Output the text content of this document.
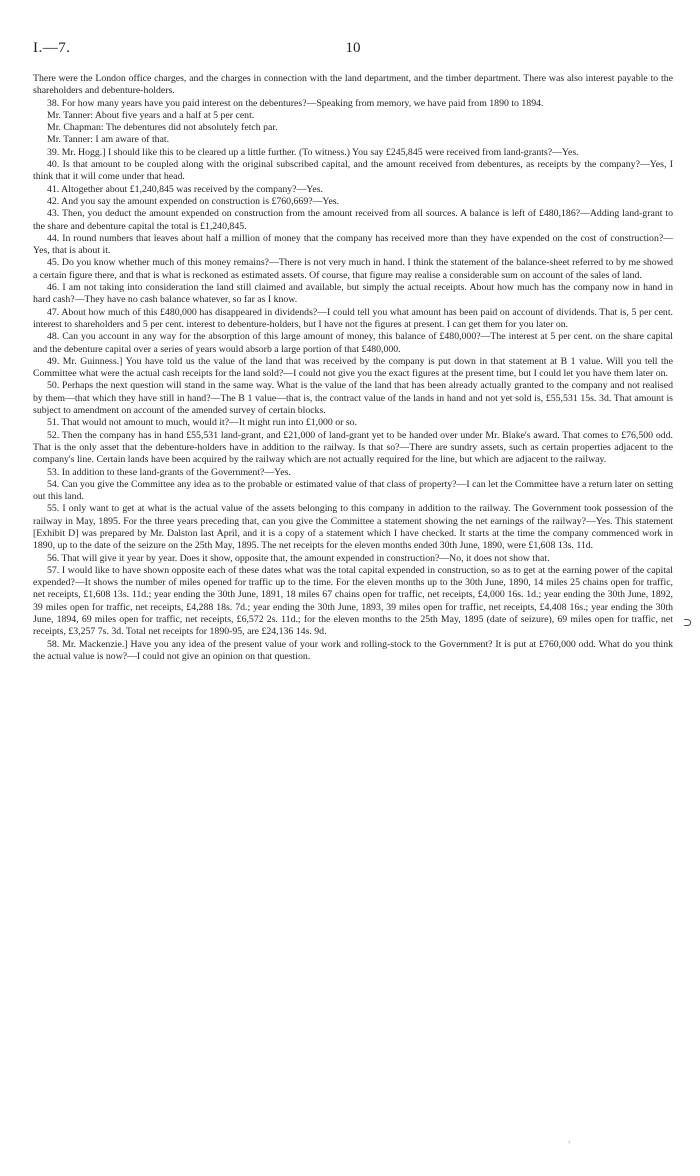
I.—7.	10

There were the London office charges, and the charges in connection with the land department, and the timber department. There was also interest payable to the shareholders and debenture-holders.

38. For how many years have you paid interest on the debentures?—Speaking from memory, we have paid from 1890 to 1894.

Mr. Tanner: About five years and a half at 5 per cent.

Mr. Chapman: The debentures did not absolutely fetch par.

Mr. Tanner: I am aware of that.

39. Mr. Hogg.] I should like this to be cleared up a little further. (To witness.) You say £245,845 were received from land-grants?—Yes.

40. Is that amount to be coupled along with the original subscribed capital, and the amount received from debentures, as receipts by the company?—Yes, I think that it will come under that head.

41. Altogether about £1,240,845 was received by the company?—Yes.

42. And you say the amount expended on construction is £760,669?—Yes.

43. Then, you deduct the amount expended on construction from the amount received from all sources. A balance is left of £480,186?—Adding land-grant to the share and debenture capital the total is £1,240,845.

44. In round numbers that leaves about half a million of money that the company has received more than they have expended on the cost of construction?—Yes, that is about it.

45. Do you know whether much of this money remains?—There is not very much in hand. I think the statement of the balance-sheet referred to by me showed a certain figure there, and that is what is reckoned as estimated assets. Of course, that figure may realise a considerable sum on account of the sales of land.

46. I am not taking into consideration the land still claimed and available, but simply the actual receipts. About how much has the company now in hand in hard cash?—They have no cash balance whatever, so far as I know.

47. About how much of this £480,000 has disappeared in dividends?—I could tell you what amount has been paid on account of dividends. That is, 5 per cent. interest to shareholders and 5 per cent. interest to debenture-holders, but I have not the figures at present. I can get them for you later on.

48. Can you account in any way for the absorption of this large amount of money, this balance of £480,000?—The interest at 5 per cent. on the share capital and the debenture capital over a series of years would absorb a large portion of that £480,000.

49. Mr. Guinness.] You have told us the value of the land that was received by the company is put down in that statement at B 1 value. Will you tell the Committee what were the actual cash receipts for the land sold?—I could not give you the exact figures at the present time, but I could let you have them later on.

50. Perhaps the next question will stand in the same way. What is the value of the land that has been already actually granted to the company and not realised by them—that which they have still in hand?—The B 1 value—that is, the contract value of the lands in hand and not yet sold is, £55,531 15s. 3d. That amount is subject to amendment on account of the amended survey of certain blocks.

51. That would not amount to much, would it?—It might run into £1,000 or so.

52. Then the company has in hand £55,531 land-grant, and £21,000 of land-grant yet to be handed over under Mr. Blake's award. That comes to £76,500 odd. That is the only asset that the debenture-holders have in addition to the railway. Is that so?—There are sundry assets, such as certain properties adjacent to the company's line. Certain lands have been acquired by the railway which are not actually required for the line, but which are adjacent to the railway.

53. In addition to these land-grants of the Government?—Yes.

54. Can you give the Committee any idea as to the probable or estimated value of that class of property?—I can let the Committee have a return later on setting out this land.

55. I only want to get at what is the actual value of the assets belonging to this company in addition to the railway. The Government took possession of the railway in May, 1895. For the three years preceding that, can you give the Committee a statement showing the net earnings of the railway?—Yes. This statement [Exhibit D] was prepared by Mr. Dalston last April, and it is a copy of a statement which I have checked. It starts at the time the company commenced work in 1890, up to the date of the seizure on the 25th May, 1895. The net receipts for the eleven months ended 30th June, 1890, were £1,608 13s. 11d.

56. That will give it year by year. Does it show, opposite that, the amount expended in construction?—No, it does not show that.

57. I would like to have shown opposite each of these dates what was the total capital expended in construction, so as to get at the earning power of the capital expended?—It shows the number of miles opened for traffic up to the time. For the eleven months up to the 30th June, 1890, 14 miles 25 chains open for traffic, net receipts, £1,608 13s. 11d.; year ending the 30th June, 1891, 18 miles 67 chains open for traffic, net receipts, £4,000 16s. 1d.; year ending the 30th June, 1892, 39 miles open for traffic, net receipts, £4,288 18s. 7d.; year ending the 30th June, 1893, 39 miles open for traffic, net receipts, £4,408 16s.; year ending the 30th June, 1894, 69 miles open for traffic, net receipts, £6,572 2s. 11d.; for the eleven months to the 25th May, 1895 (date of seizure), 69 miles open for traffic, net receipts, £3,257 7s. 3d. Total net receipts for 1890-95, are £24,136 14s. 9d.

58. Mr. Mackenzie.] Have you any idea of the present value of your work and rolling-stock to the Government? It is put at £760,000 odd. What do you think the actual value is now?—I could not give an opinion on that question.

⊃
›
